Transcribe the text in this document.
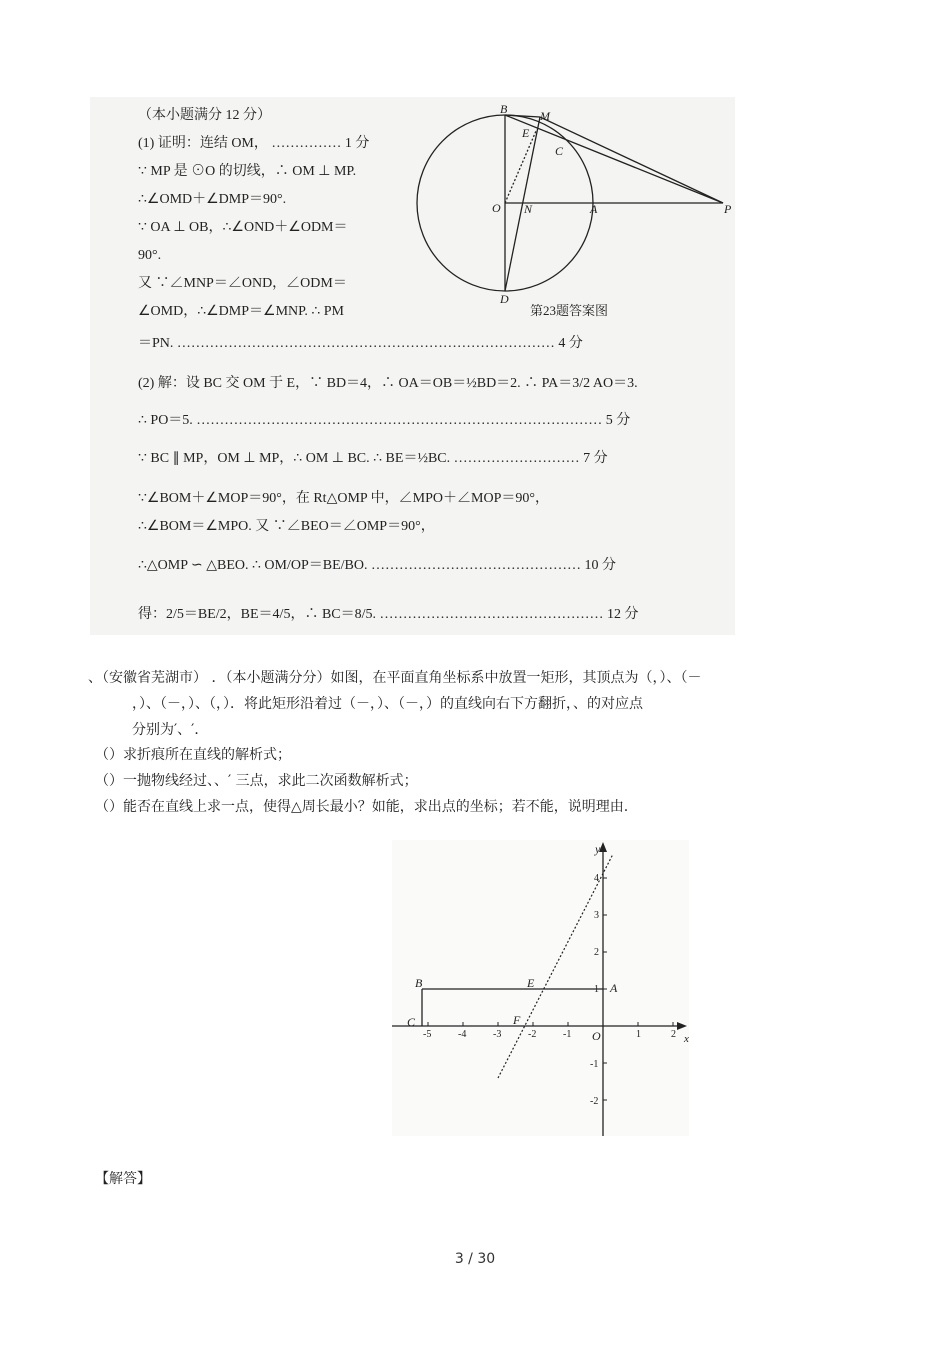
（本小题满分 12 分）
(1) 证明：连结 OM， …………… 1 分
∵ MP 是 ⊙O 的切线，∴ OM ⊥ MP.
∴∠OMD＋∠DMP＝90°.
∵ OA ⊥ OB，∴∠OND＋∠ODM＝
90°.
又 ∵∠MNP＝∠OND，∠ODM＝
∠OMD，∴∠DMP＝∠MNP. ∴ PM
＝PN. ……………………………………………………………………… 4 分
(2) 解：设 BC 交 OM 于 E，∵ BD＝4，∴ OA＝OB＝½BD＝2. ∴ PA＝3/2 AO＝3.
∴ PO＝5. …………………………………………………………………………… 5 分
∵ BC ∥ MP，OM ⊥ MP，∴ OM ⊥ BC. ∴ BE＝½BC. ……………………… 7 分
∵∠BOM＋∠MOP＝90°，在 Rt△OMP 中，∠MPO＋∠MOP＝90°，
∴∠BOM＝∠MPO. 又 ∵∠BEO＝∠OMP＝90°，
∴△OMP ∽ △BEO. ∴ OM/OP＝BE/BO. ……………………………………… 10 分
得：2/5＝BE/2，BE＝4/5，∴ BC＝8/5. ………………………………………… 12 分
B	M
E
C
O N	A	P
D
第23题答案图
、（安徽省芜湖市） ．（本小题满分分）如图，在平面直角坐标系中放置一矩形，其顶点为（，）、（－
，）、（－，）、（，）．将此矩形沿着过（－，）、（－，）的直线向右下方翻折，、的对应点
分别为′、′．
（）求折痕所在直线的解析式；
（）一抛物线经过、、′ 三点，求此二次函数解析式；
（）能否在直线上求一点，使得△周长最小？如能，求出点的坐标；若不能，说明理由.
-5	-4	-3	-2	-1	1	2
4
3
2
1
-1
-2
y
x
O
B	E	A
C	F
【解答】
3 / 30
